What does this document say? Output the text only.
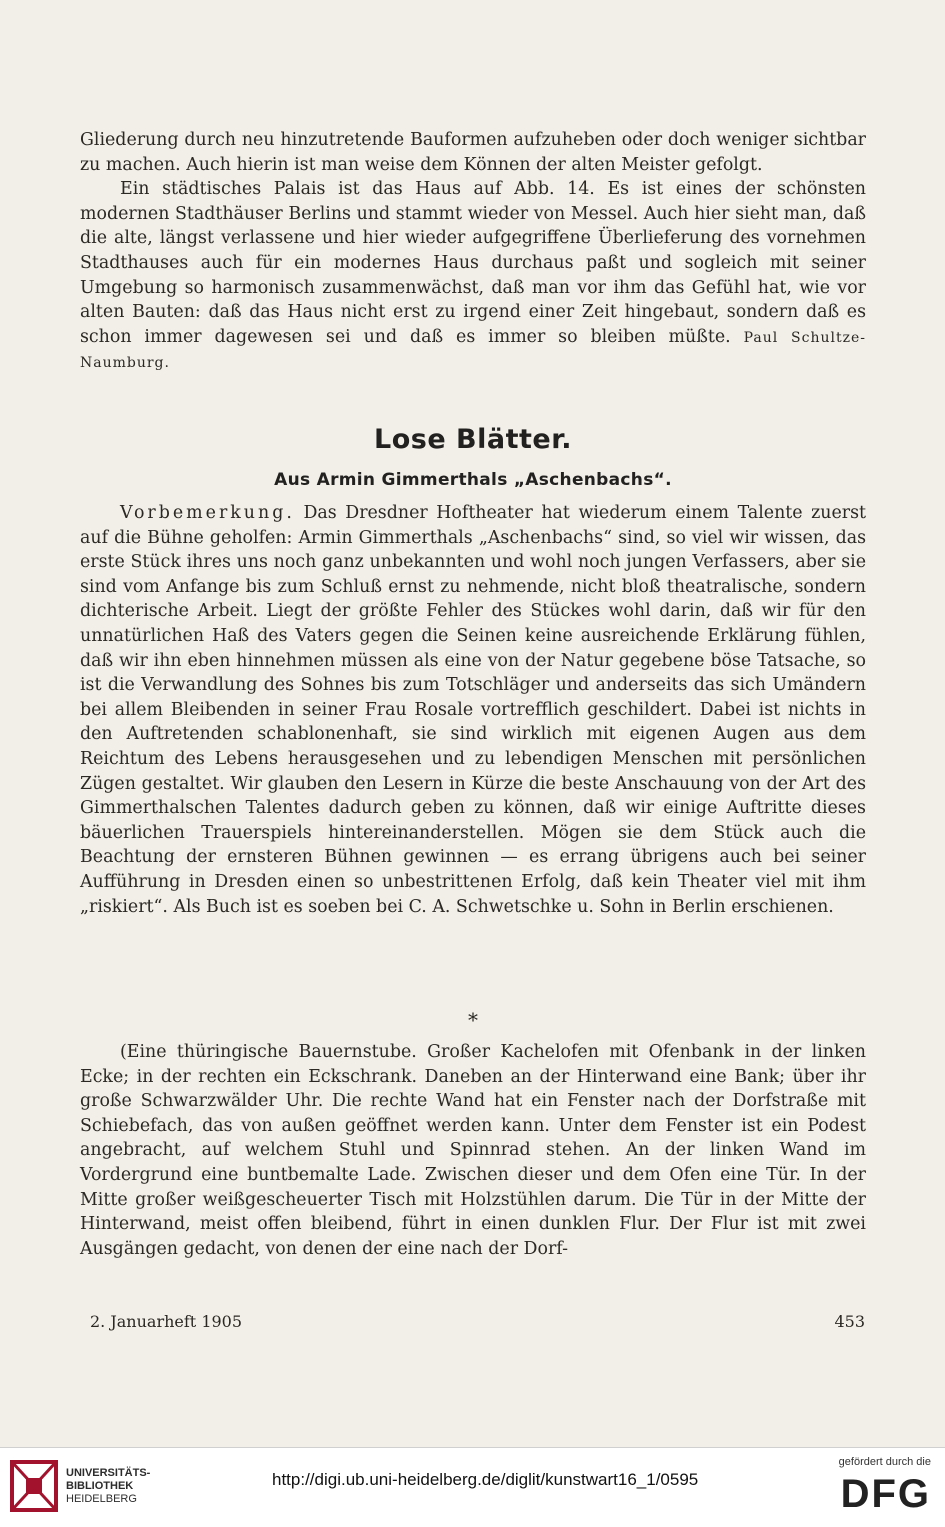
Gliederung durch neu hinzutretende Bauformen aufzuheben oder doch weniger sichtbar zu machen. Auch hierin ist man weise dem Können der alten Meister gefolgt.

Ein städtisches Palais ist das Haus auf Abb. 14. Es ist eines der schönsten modernen Stadthäuser Berlins und stammt wieder von Messel. Auch hier sieht man, daß die alte, längst verlassene und hier wieder aufgegriffene Überlieferung des vornehmen Stadthauses auch für ein modernes Haus durchaus paßt und sogleich mit seiner Umgebung so harmonisch zusammenwächst, daß man vor ihm das Gefühl hat, wie vor alten Bauten: daß das Haus nicht erst zu irgend einer Zeit hingebaut, sondern daß es schon immer dagewesen sei und daß es immer so bleiben müßte. Paul Schultze-Naumburg.

Lose Blätter.
Aus Armin Gimmerthals „Aschenbachs“.

Vorbemerkung. Das Dresdner Hoftheater hat wiederum einem Talente zuerst auf die Bühne geholfen: Armin Gimmerthals „Aschenbachs“ sind, so viel wir wissen, das erste Stück ihres uns noch ganz unbekannten und wohl noch jungen Verfassers, aber sie sind vom Anfange bis zum Schluß ernst zu nehmende, nicht bloß theatralische, sondern dichterische Arbeit. Liegt der größte Fehler des Stückes wohl darin, daß wir für den unnatürlichen Haß des Vaters gegen die Seinen keine ausreichende Erklärung fühlen, daß wir ihn eben hinnehmen müssen als eine von der Natur gegebene böse Tatsache, so ist die Verwandlung des Sohnes bis zum Totschläger und anderseits das sich Umändern bei allem Bleibenden in seiner Frau Rosale vortrefflich geschildert. Dabei ist nichts in den Auftretenden schablonenhaft, sie sind wirklich mit eigenen Augen aus dem Reichtum des Lebens herausgesehen und zu lebendigen Menschen mit persönlichen Zügen gestaltet. Wir glauben den Lesern in Kürze die beste Anschauung von der Art des Gimmerthalschen Talentes dadurch geben zu können, daß wir einige Auftritte dieses bäuerlichen Trauerspiels hintereinanderstellen. Mögen sie dem Stück auch die Beachtung der ernsteren Bühnen gewinnen — es errang übrigens auch bei seiner Aufführung in Dresden einen so unbestrittenen Erfolg, daß kein Theater viel mit ihm „riskiert“. Als Buch ist es soeben bei C. A. Schwetschke u. Sohn in Berlin erschienen.

*

(Eine thüringische Bauernstube. Großer Kachelofen mit Ofenbank in der linken Ecke; in der rechten ein Eckschrank. Daneben an der Hinterwand eine Bank; über ihr große Schwarzwälder Uhr. Die rechte Wand hat ein Fenster nach der Dorfstraße mit Schiebefach, das von außen geöffnet werden kann. Unter dem Fenster ist ein Podest angebracht, auf welchem Stuhl und Spinnrad stehen. An der linken Wand im Vordergrund eine buntbemalte Lade. Zwischen dieser und dem Ofen eine Tür. In der Mitte großer weißgescheuerter Tisch mit Holzstühlen darum. Die Tür in der Mitte der Hinterwand, meist offen bleibend, führt in einen dunklen Flur. Der Flur ist mit zwei Ausgängen gedacht, von denen der eine nach der Dorf-

2. Januarheft 1905	453
UNIVERSITÄTS-
BIBLIOTHEK
HEIDELBERG
http://digi.ub.uni-heidelberg.de/diglit/kunstwart16_1/0595
gefördert durch die
DFG
